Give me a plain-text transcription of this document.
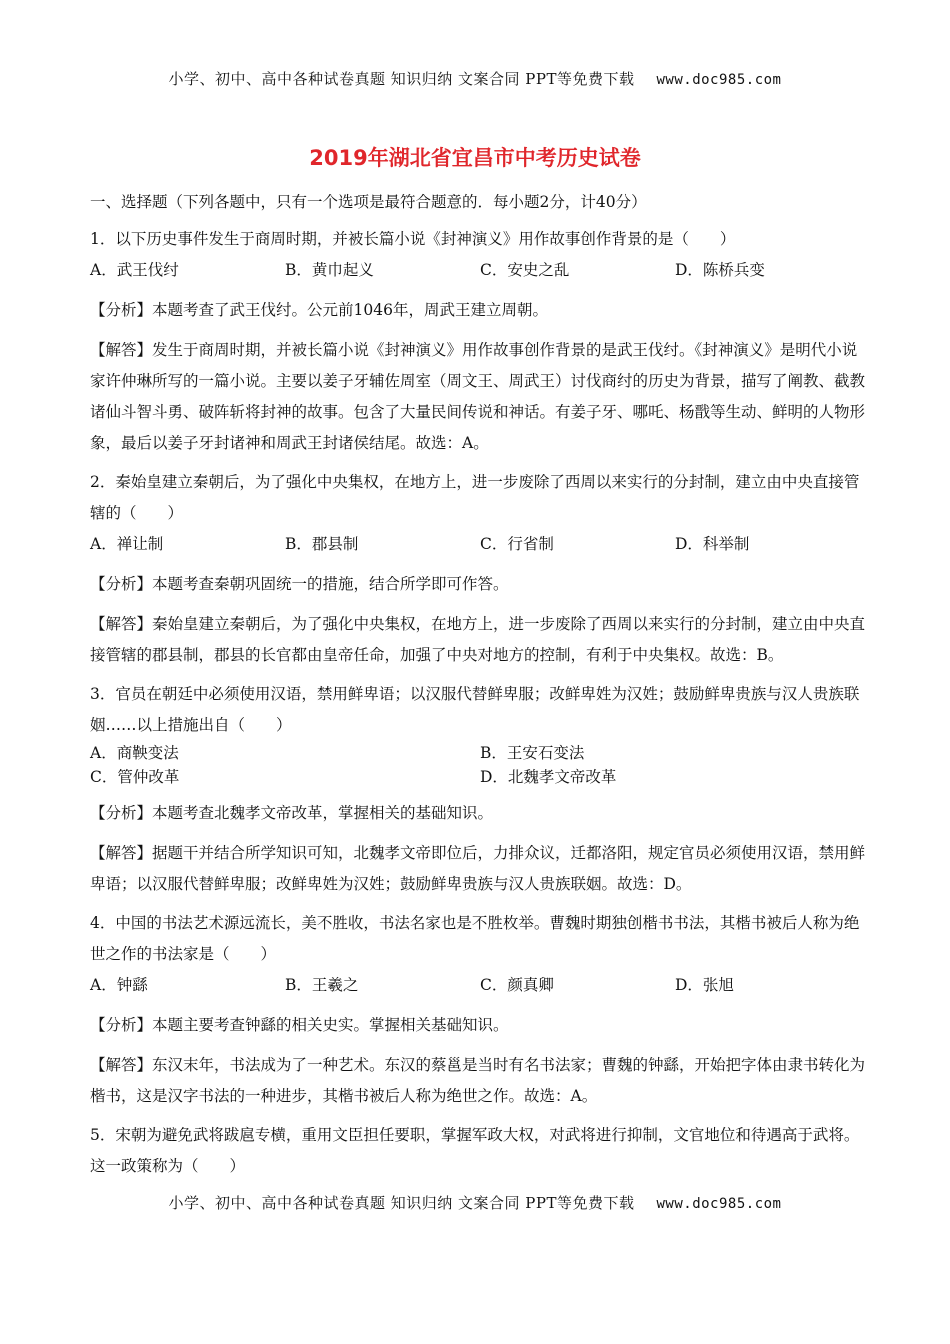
小学、初中、高中各种试卷真题 知识归纳 文案合同 PPT等免费下载 www.doc985.com
2019年湖北省宜昌市中考历史试卷

一、选择题（下列各题中，只有一个选项是最符合题意的．每小题2分，计40分）

1．以下历史事件发生于商周时期，并被长篇小说《封神演义》用作故事创作背景的是（　　）

A．武王伐纣	B．黄巾起义	C．安史之乱	D．陈桥兵变

【分析】本题考查了武王伐纣。公元前1046年，周武王建立周朝。

【解答】发生于商周时期，并被长篇小说《封神演义》用作故事创作背景的是武王伐纣。《封神演义》是明代小说家许仲琳所写的一篇小说。主要以姜子牙辅佐周室（周文王、周武王）讨伐商纣的历史为背景，描写了阐教、截教诸仙斗智斗勇、破阵斩将封神的故事。包含了大量民间传说和神话。有姜子牙、哪吒、杨戬等生动、鲜明的人物形象，最后以姜子牙封诸神和周武王封诸侯结尾。故选：A。

2．秦始皇建立秦朝后，为了强化中央集权，在地方上，进一步废除了西周以来实行的分封制，建立由中央直接管辖的（　　）

A．禅让制	B．郡县制	C．行省制	D．科举制

【分析】本题考查秦朝巩固统一的措施，结合所学即可作答。

【解答】秦始皇建立秦朝后，为了强化中央集权，在地方上，进一步废除了西周以来实行的分封制，建立由中央直接管辖的郡县制，郡县的长官都由皇帝任命，加强了中央对地方的控制，有利于中央集权。故选：B。

3．官员在朝廷中必须使用汉语，禁用鲜卑语；以汉服代替鲜卑服；改鲜卑姓为汉姓；鼓励鲜卑贵族与汉人贵族联姻……以上措施出自（　　）

A．商鞅变法	B．王安石变法
C．管仲改革	D．北魏孝文帝改革

【分析】本题考查北魏孝文帝改革，掌握相关的基础知识。

【解答】据题干并结合所学知识可知，北魏孝文帝即位后，力排众议，迁都洛阳，规定官员必须使用汉语，禁用鲜卑语；以汉服代替鲜卑服；改鲜卑姓为汉姓；鼓励鲜卑贵族与汉人贵族联姻。故选：D。

4．中国的书法艺术源远流长，美不胜收，书法名家也是不胜枚举。曹魏时期独创楷书书法，其楷书被后人称为绝世之作的书法家是（　　）

A．钟繇	B．王羲之	C．颜真卿	D．张旭

【分析】本题主要考查钟繇的相关史实。掌握相关基础知识。

【解答】东汉末年，书法成为了一种艺术。东汉的蔡邕是当时有名书法家；曹魏的钟繇，开始把字体由隶书转化为楷书，这是汉字书法的一种进步，其楷书被后人称为绝世之作。故选：A。

5．宋朝为避免武将跋扈专横，重用文臣担任要职，掌握军政大权，对武将进行抑制，文官地位和待遇高于武将。这一政策称为（　　）

小学、初中、高中各种试卷真题 知识归纳 文案合同 PPT等免费下载 www.doc985.com
